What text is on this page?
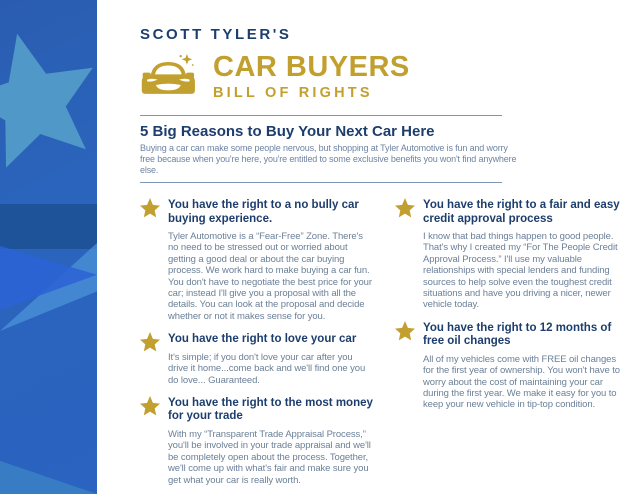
SCOTT TYLER'S
CAR BUYERS
BILL OF RIGHTS
5 Big Reasons to Buy Your Next Car Here

Buying a car can make some people nervous, but shopping at Tyler Automotive is fun and worry free because when you're here, you're entitled to some exclusive benefits you won't find anywhere else.

You have the right to a no bully car buying experience.

Tyler Automotive is a “Fear-Free” Zone. There's no need to be stressed out or worried about getting a good deal or about the car buying process. We work hard to make buying a car fun. You don't have to negotiate the best price for your car; instead I'll give you a proposal with all the details. You can look at the proposal and decide whether or not it makes sense for you.

You have the right to love your car

It's simple; if you don't love your car after you drive it home...come back and we'll find one you do love... Guaranteed.

You have the right to the most money for your trade

With my “Transparent Trade Appraisal Process,” you'll be involved in your trade appraisal and we'll be completely open about the process. Together, we'll come up with what's fair and make sure you get what your car is really worth.

You have the right to a fair and easy credit approval process

I know that bad things happen to good people. That's why I created my “For The People Credit Approval Process.” I'll use my valuable relationships with special lenders and funding sources to help solve even the toughest credit situations and have you driving a nicer, newer vehicle today.

You have the right to 12 months of free oil changes

All of my vehicles come with FREE oil changes for the first year of ownership. You won't have to worry about the cost of maintaining your car during the first year. We make it easy for you to keep your new vehicle in tip-top condition.
